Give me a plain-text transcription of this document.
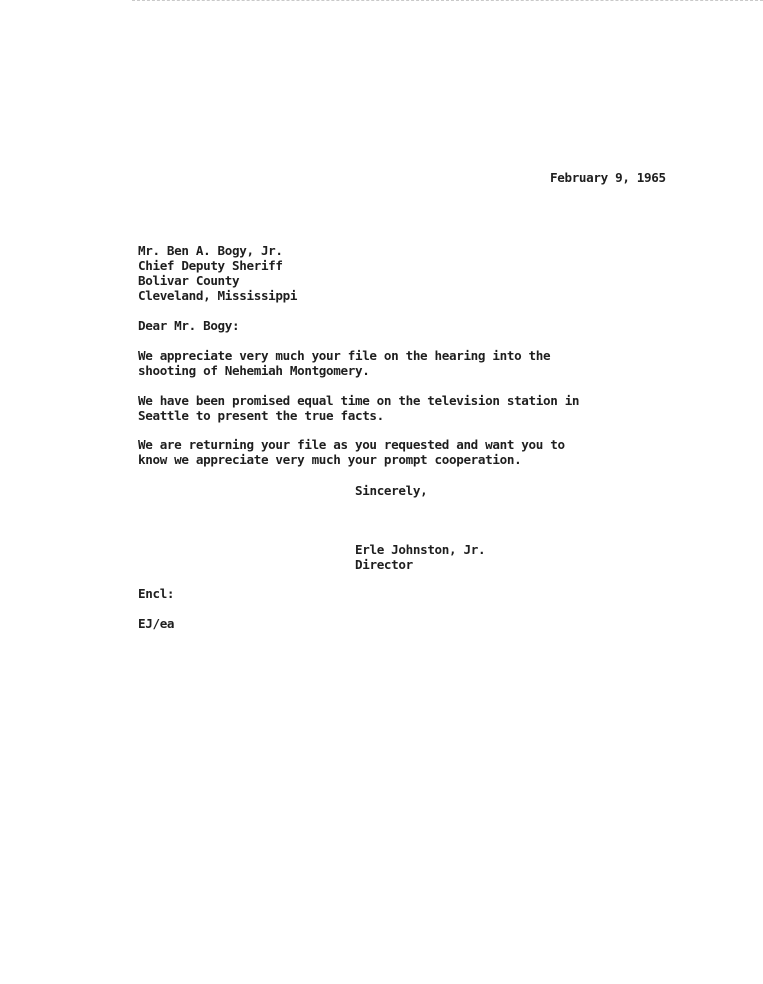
February 9, 1965
Mr. Ben A. Bogy, Jr.
Chief Deputy Sheriff
Bolivar County
Cleveland, Mississippi
Dear Mr. Bogy:
We appreciate very much your file on the hearing into the
shooting of Nehemiah Montgomery.
We have been promised equal time on the television station in
Seattle to present the true facts.
We are returning your file as you requested and want you to
know we appreciate very much your prompt cooperation.
Sincerely,
Erle Johnston, Jr.
Director
Encl:
EJ/ea
